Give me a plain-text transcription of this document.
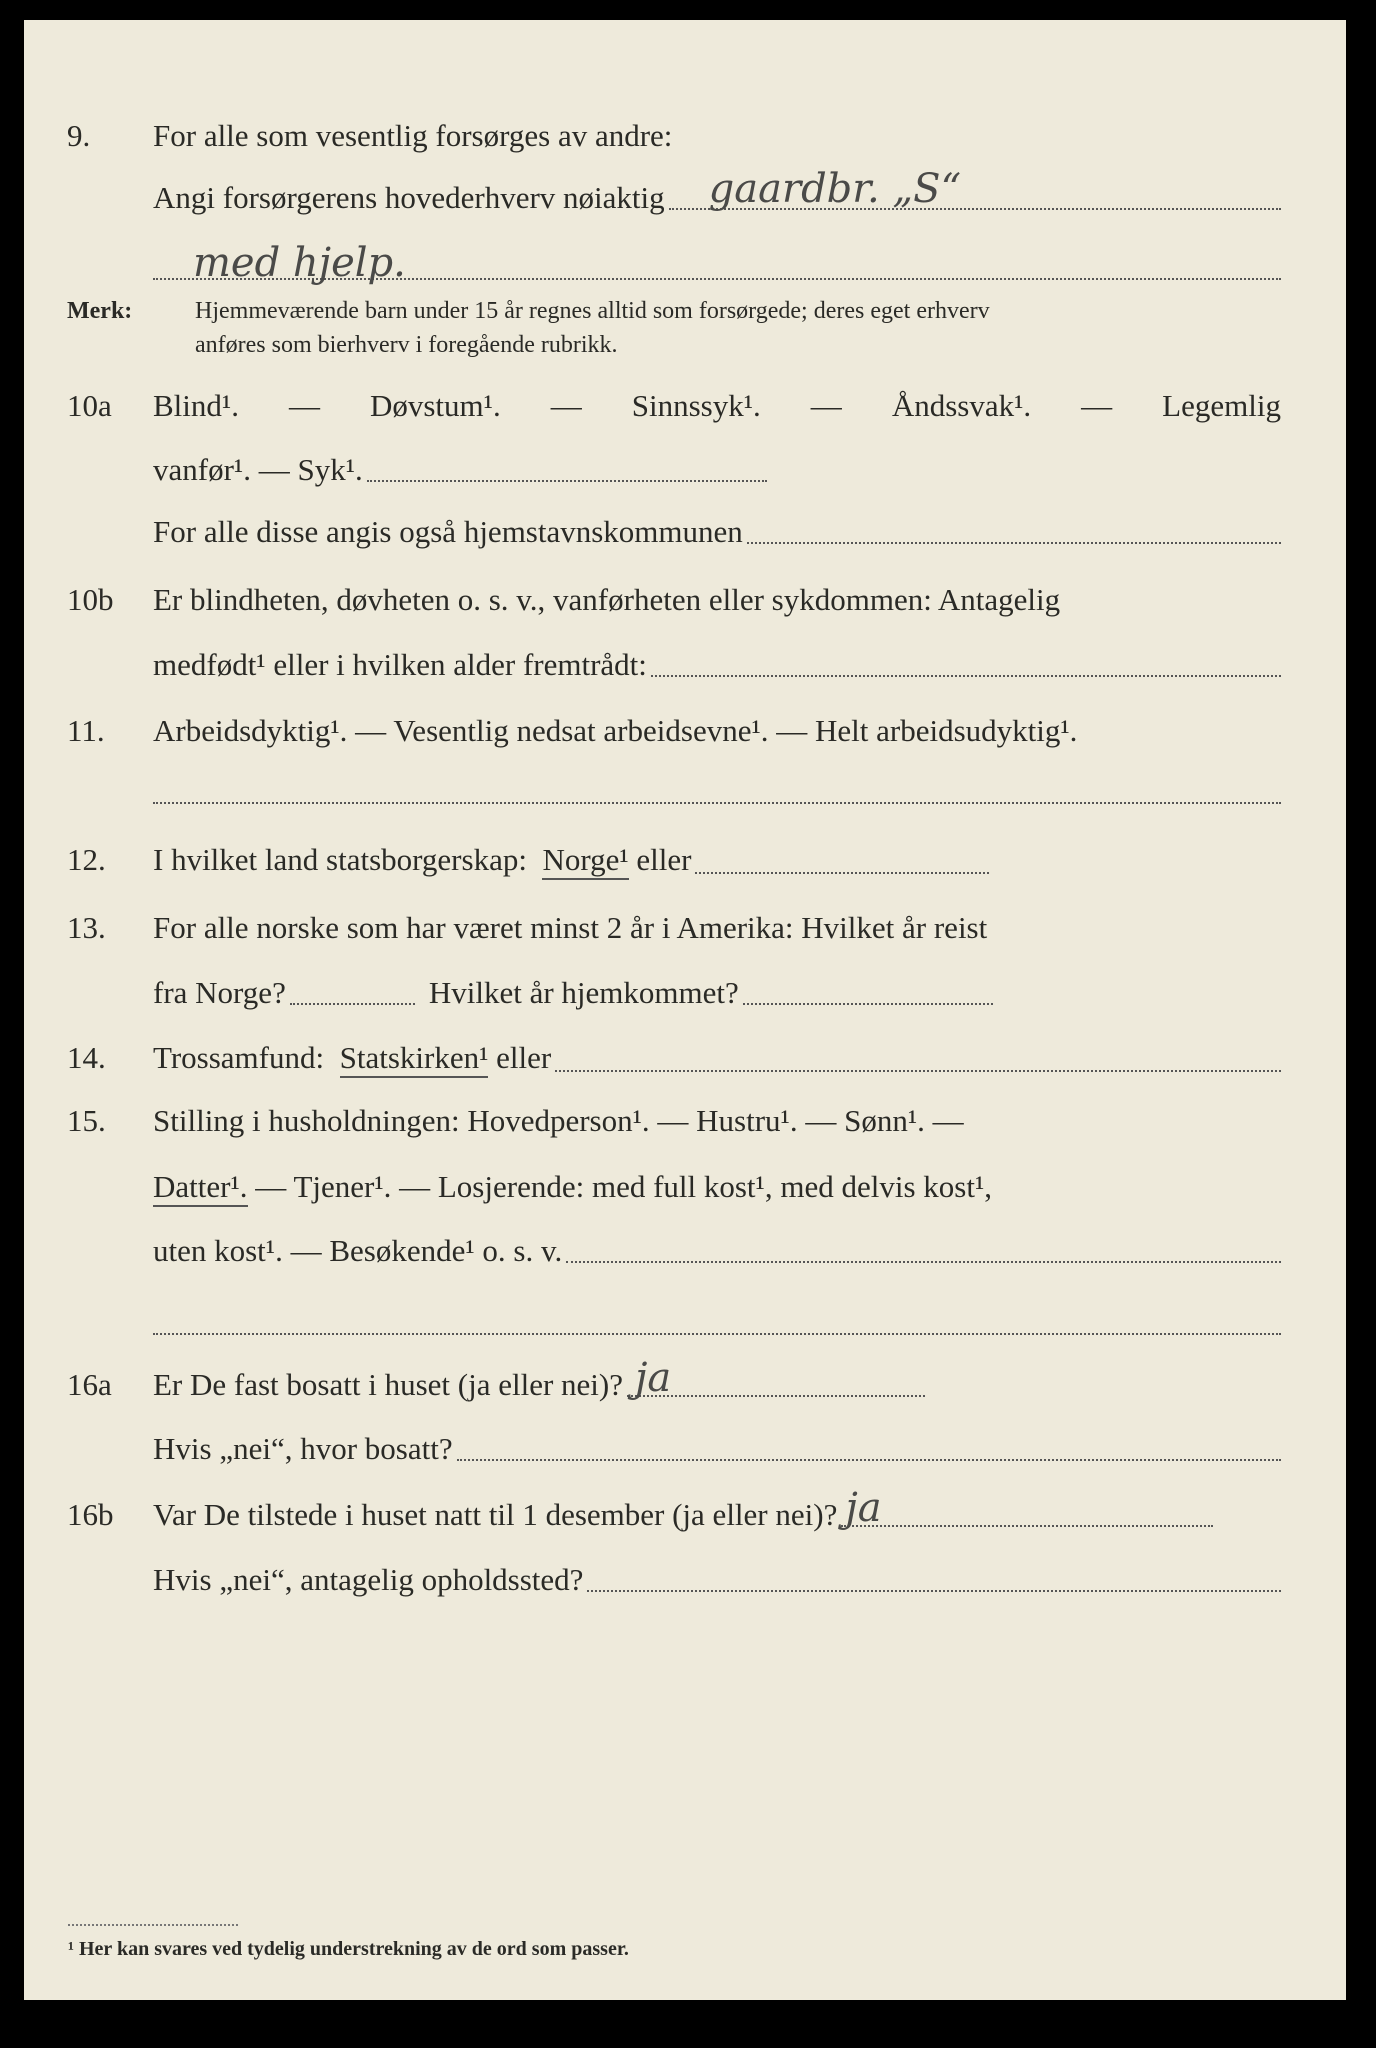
9. For alle som vesentlig forsørges av andre:
Angi forsørgerens hovederhverv nøiaktig gaardbr. „S“
med hjelp.
Merk:	Hjemmeværende barn under 15 år regnes alltid som forsørgede; deres eget erhverv
anføres som bierhverv i foregående rubrikk.
10a Blind¹. — Døvstum¹. — Sinnssyk¹. — Åndssvak¹. — Legemlig
vanfør¹. — Syk¹.
For alle disse angis også hjemstavnskommunen
10b Er blindheten, døvheten o. s. v., vanførheten eller sykdommen: Antagelig
medfødt¹ eller i hvilken alder fremtrådt:
11. Arbeidsdyktig¹. — Vesentlig nedsat arbeidsevne¹. — Helt arbeidsudyktig¹.
12. I hvilket land statsborgerskap:
Norge¹
eller
13. For alle norske som har været minst 2 år i Amerika: Hvilket år reist
fra Norge?	Hvilket år hjemkommet?
14. Trossamfund:
Statskirken¹
eller
15. Stilling i husholdningen: Hovedperson¹. — Hustru¹. — Sønn¹. —
Datter¹.
— Tjener¹. — Losjerende: med full kost¹, med delvis kost¹,
uten kost¹. — Besøkende¹ o. s. v.
16a Er De fast bosatt i huset (ja eller nei)? ja
Hvis „nei“, hvor bosatt?
16b Var De tilstede i huset natt til 1 desember (ja eller nei)? ja
Hvis „nei“, antagelig opholdssted?
¹ Her kan svares ved tydelig understrekning av de ord som passer.
